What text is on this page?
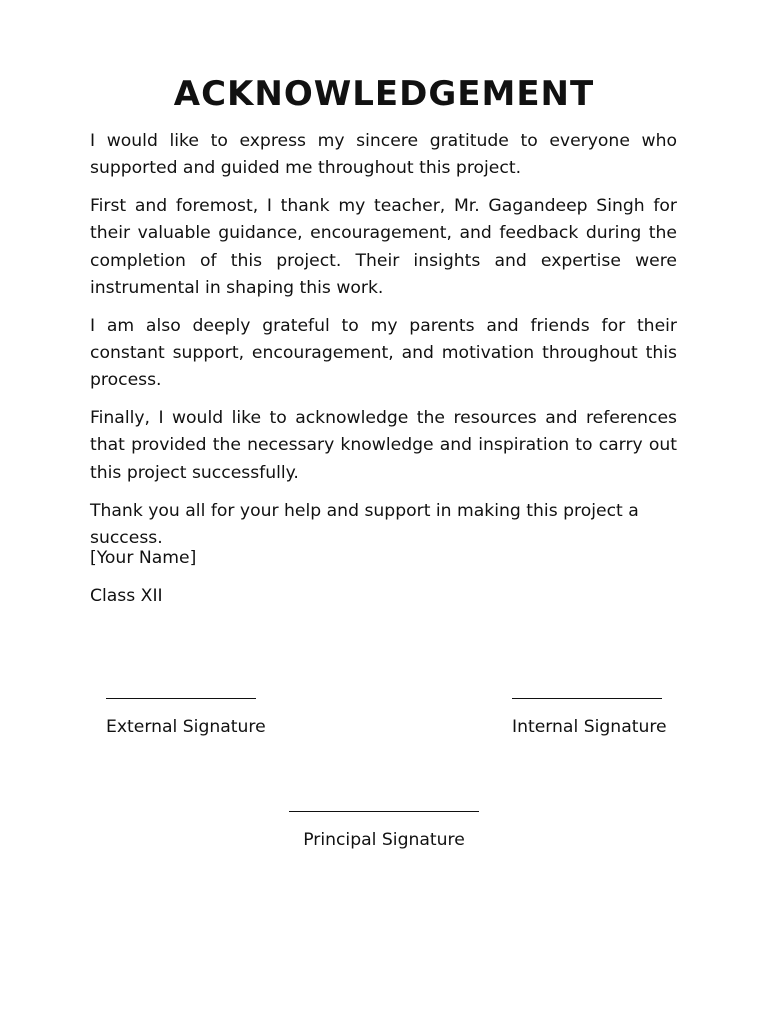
ACKNOWLEDGEMENT

I would like to express my sincere gratitude to everyone who supported and guided me throughout this project.

First and foremost, I thank my teacher, Mr. Gagandeep Singh for their valuable guidance, encouragement, and feedback during the completion of this project. Their insights and expertise were instrumental in shaping this work.

I am also deeply grateful to my parents and friends for their constant support, encouragement, and motivation throughout this process.

Finally, I would like to acknowledge the resources and references that provided the necessary knowledge and inspiration to carry out this project successfully.

Thank you all for your help and support in making this project a success.

[Your Name]

Class XII

External Signature	Internal Signature
Principal Signature
